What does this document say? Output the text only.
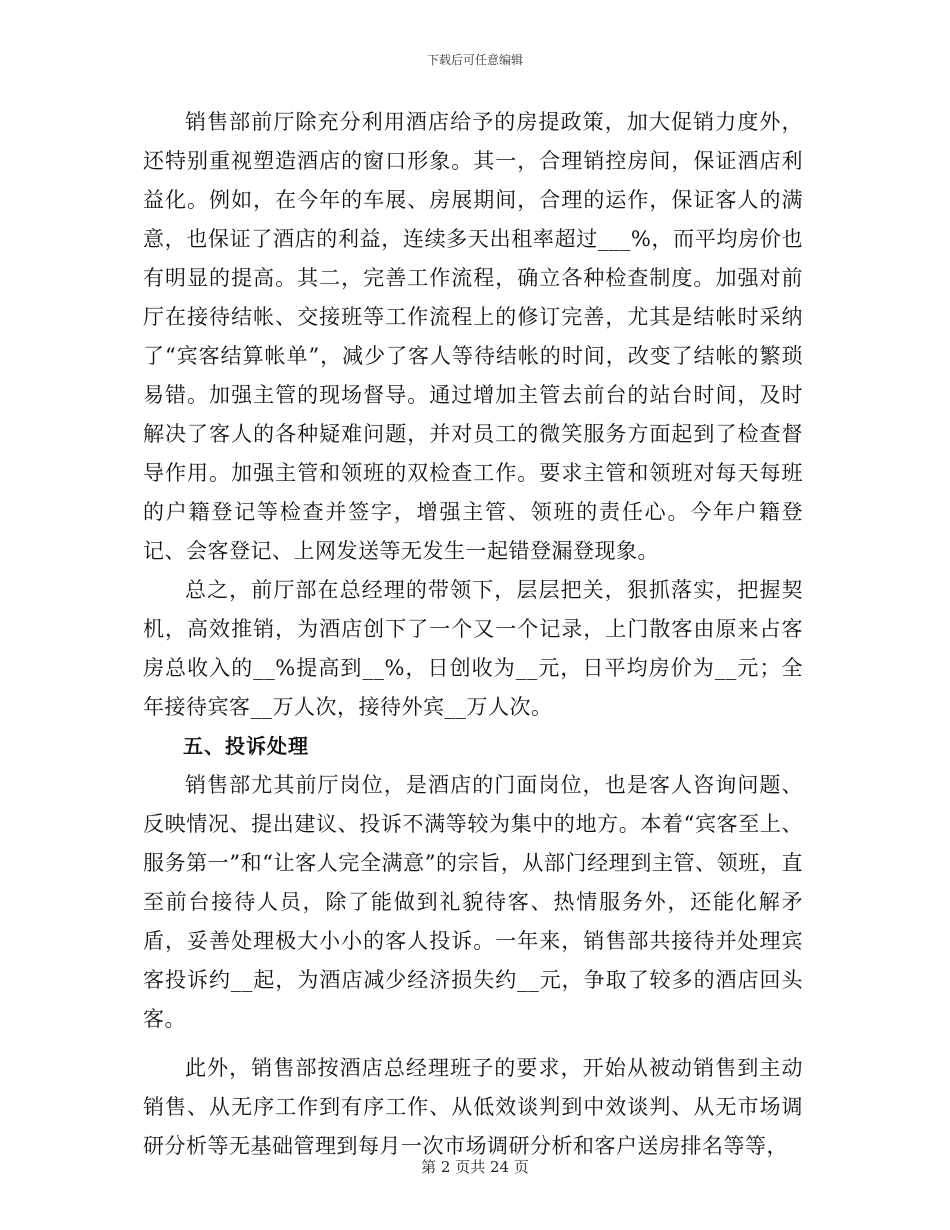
下载后可任意编辑

销售部前厅除充分利用酒店给予的房提政策，加大促销力度外，还特别重视塑造酒店的窗口形象。其一，合理销控房间，保证酒店利益化。例如，在今年的车展、房展期间，合理的运作，保证客人的满意，也保证了酒店的利益，连续多天出租率超过___%，而平均房价也有明显的提高。其二，完善工作流程，确立各种检查制度。加强对前厅在接待结帐、交接班等工作流程上的修订完善，尤其是结帐时采纳了“宾客结算帐单”，减少了客人等待结帐的时间，改变了结帐的繁琐易错。加强主管的现场督导。通过增加主管去前台的站台时间，及时解决了客人的各种疑难问题，并对员工的微笑服务方面起到了检查督导作用。加强主管和领班的双检查工作。要求主管和领班对每天每班的户籍登记等检查并签字，增强主管、领班的责任心。今年户籍登记、会客登记、上网发送等无发生一起错登漏登现象。

总之，前厅部在总经理的带领下，层层把关，狠抓落实，把握契机，高效推销，为酒店创下了一个又一个记录，上门散客由原来占客房总收入的__%提高到__%，日创收为__元，日平均房价为__元；全年接待宾客__万人次，接待外宾__万人次。

五、投诉处理

销售部尤其前厅岗位，是酒店的门面岗位，也是客人咨询问题、反映情况、提出建议、投诉不满等较为集中的地方。本着“宾客至上、服务第一”和“让客人完全满意”的宗旨，从部门经理到主管、领班，直至前台接待人员，除了能做到礼貌待客、热情服务外，还能化解矛盾，妥善处理极大小小的客人投诉。一年来，销售部共接待并处理宾客投诉约__起，为酒店减少经济损失约__元，争取了较多的酒店回头客。

此外，销售部按酒店总经理班子的要求，开始从被动销售到主动销售、从无序工作到有序工作、从低效谈判到中效谈判、从无市场调研分析等无基础管理到每月一次市场调研分析和客户送房排名等等，

第 2 页共 24 页
